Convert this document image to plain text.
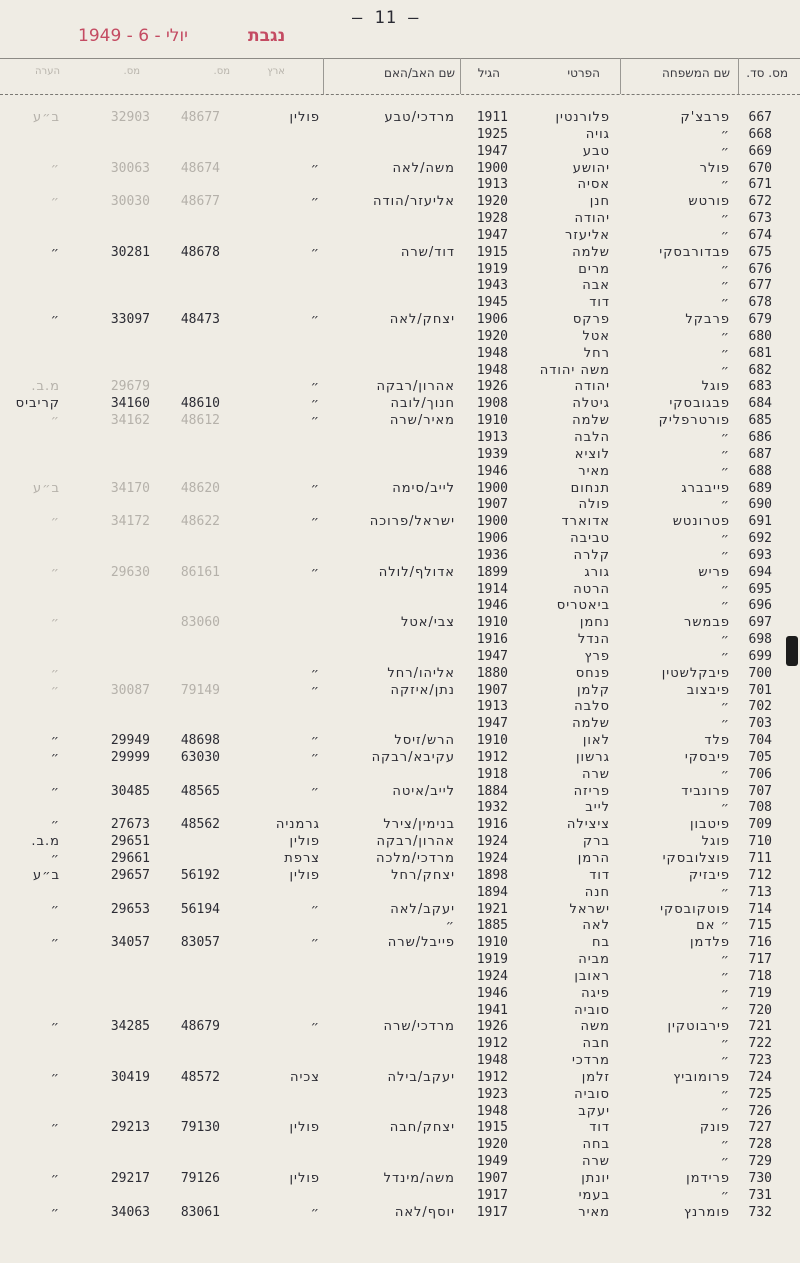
— 11 —
1949 - יולי - 6	נגבת
מס. סד.
שם המשפחה
הפרטי
הגיל
שם האב/האם
ארץ
מס.
מס.
הערה
667
פרבצ'ק
פלורנטין
1911
מרדכי/טבע
פולין
48677
32903
ב״ע
668
״
גויה
1925
669
״
טבע
1947
670
פולר
יהושע
1900
משה/לאה
״
48674
30063
״
671
״
אסיה
1913
672
פורטש
חנן
1920
אליעזר/הודה
״
48677
30030
״
673
״
יהודה
1928
674
״
אליעזר
1947
675
פבדורבסקי
שלמה
1915
דוד/שרה
״
48678
30281
״
676
״
מרים
1919
677
״
אבה
1943
678
״
דוד
1945
679
פרבקל
פרקס
1906
יצחק/לאה
״
48473
33097
״
680
״
אטל
1920
681
״
רחל
1948
682
״
משה יהודה
1948
683
פוגל
יהודה
1926
אהרון/רבקה
״
29679
מ.ב.
684
פבגובסקי
גיטלה
1908
חנוך/לובה
״
48610
34160
קריביס
685
פורטרפליק
שלמה
1910
מאיר/שרה
״
48612
34162
״
686
״
הלבה
1913
687
״
לוציא
1939
688
״
מאיר
1946
689
פייבברג
תנחום
1900
לייב/סימה
״
48620
34170
ב״ע
690
״
פולה
1907
691
פטרונטש
אדוארד
1900
ישראל/פרוכה
״
48622
34172
״
692
״
טביבה
1906
693
״
קלרה
1936
694
פריש
גורג
1899
אדולף/לולה
״
86161
29630
״
695
״
הרטה
1914
696
״
ביאטריס
1946
697
פבמשר
נחמן
1910
צבי/אטל
83060
״
698
״
הנדל
1916
699
״
פרץ
1947
700
פיבקלשטין
פנחס
1880
אליהו/רחל
״
״
701
פיבצוב
קלמן
1907
נתן/איזקה
״
79149
30087
״
702
״
סלבה
1913
703
״
שלמה
1947
704
פלד
לאון
1910
הרש/זיסל
״
48698
29949
״
705
פיבסקי
גרשון
1912
עקיבא/רבקה
״
63030
29999
״
706
״
שרה
1918
707
פרונביד
פריזה
1884
לייב/איטה
״
48565
30485
״
708
״
לייב
1932
709
פיטבון
ציצילה
1916
בנימין/צירל
גרמניה
48562
27673
״
710
פוגל
ברק
1924
אהרון/רבקה
פולין
29651
מ.ב.
711
פוצלובסקי
הרמן
1924
מרדכי/מלכה
צרפת
29661
״
712
פיבזיק
דוד
1898
יצחק/רחל
פולין
56192
29657
ב״ע
713
״
חנה
1894
714
פוטקובסקי
ישראל
1921
יעקב/לאה
״
56194
29653
״
715
״ אם
לאה
1885
״
716
פלדמן
בח
1910
פייבל/שרה
״
83057
34057
״
717
״
מביה
1919
718
״
ראובן
1924
719
״
פיגה
1946
720
״
סוביה
1941
721
פירבוטקין
משה
1926
מרדכי/שרה
״
48679
34285
״
722
״
חבה
1912
723
״
מרדכי
1948
724
פרומוביץ
זלמן
1912
יעקב/בילה
צכיה
48572
30419
״
725
״
סוביה
1923
726
״
יעקב
1948
727
פונק
דוד
1915
יצחק/חבה
פולין
79130
29213
״
728
״
בחה
1920
729
״
שרה
1949
730
פרידמן
יונתן
1907
משה/מינדל
פולין
79126
29217
״
731
״
בעמי
1917
732
פומרנץ
מאיר
1917
יוסף/לאה
״
83061
34063
״
